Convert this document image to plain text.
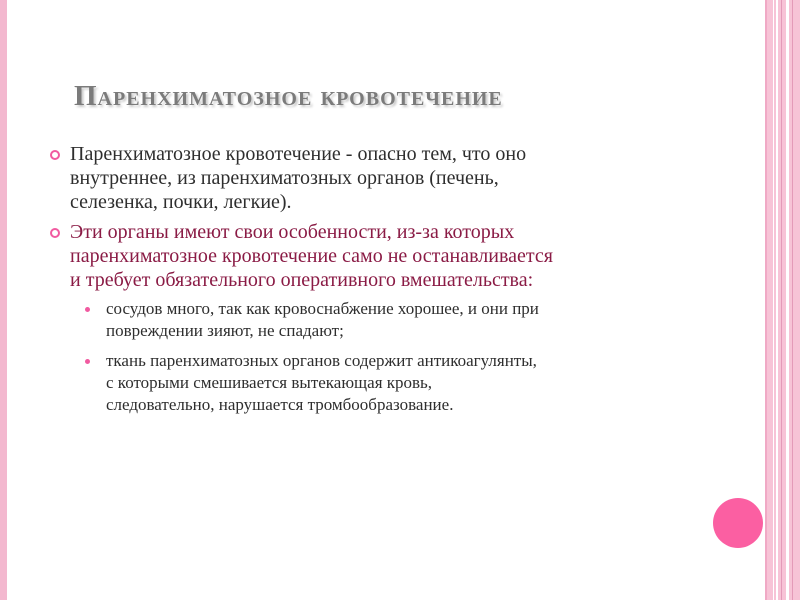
Паренхиматозное кровотечение
Паренхиматозное кровотечение - опасно тем, что оно
внутреннее, из паренхиматозных органов (печень,
селезенка, почки, легкие).
Эти органы имеют свои особенности, из-за которых
паренхиматозное кровотечение само не останавливается
и требует обязательного оперативного вмешательства:
сосудов много, так как кровоснабжение хорошее, и они при
повреждении зияют, не спадают;
ткань паренхиматозных органов содержит антикоагулянты,
с которыми смешивается вытекающая кровь,
следовательно, нарушается тромбообразование.
